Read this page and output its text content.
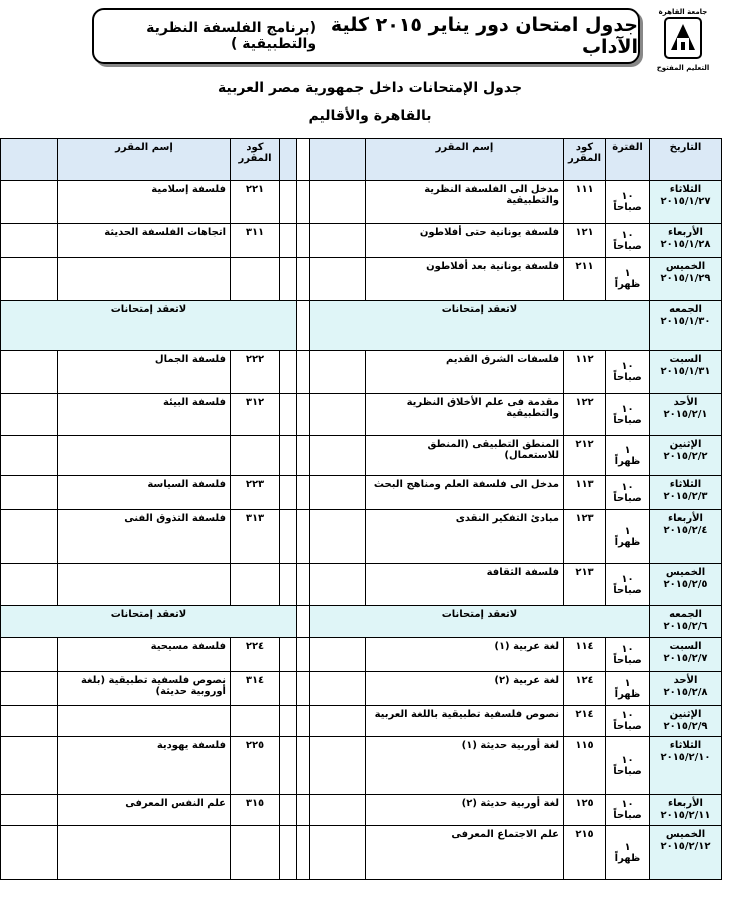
جامعة القاهرة
التعليم المفتوح
جدول امتحان دور يناير ٢٠١٥ كلية الآداب
(برنامج الفلسفة النظرية والتطبيقية )
جدول الإمتحانات داخل جمهورية مصر العربية
بالقاهرة والأقاليم
التاريخ	الفترة	كود المقرر	إسم المقرر				كود المقرر	إسم المقرر	

الثلاثاء
٢٠١٥/١/٢٧	١٠ صباحاً	١١١	مدخل الى الفلسفة النظرية والتطبيقية				٢٢١	فلسفة إسلامية	

الأربعاء
٢٠١٥/١/٢٨	١٠ صباحاً	١٢١	فلسفة يونانية حتى أفلاطون				٣١١	اتجاهات الفلسفة الحديثة	

الخميس
٢٠١٥/١/٢٩	١ ظهراً	٢١١	فلسفة يونانية بعد أفلاطون						

الجمعه
٢٠١٥/١/٣٠	لاتعقد إمتحانات					لاتعقد إمتحانات			

السبت
٢٠١٥/١/٣١	١٠ صباحاً	١١٢	فلسفات الشرق القديم				٢٢٢	فلسفة الجمال	

الأحد
٢٠١٥/٢/١	١٠ صباحاً	١٢٢	مقدمة فى علم الأخلاق النظرية والتطبيقية				٣١٢	فلسفة البيئة	

الإثنين
٢٠١٥/٢/٢	١ ظهراً	٢١٢	المنطق التطبيقى (المنطق للاستعمال)						

الثلاثاء
٢٠١٥/٢/٣	١٠ صباحاً	١١٣	مدخل الى فلسفة العلم ومناهج البحث				٢٢٣	فلسفة السياسة	

الأربعاء
٢٠١٥/٢/٤	١ ظهراً	١٢٣	مبادئ التفكير النقدى				٣١٣	فلسفة التذوق الفنى	

الخميس
٢٠١٥/٢/٥	١٠ صباحاً	٢١٣	فلسفة الثقافة						

الجمعه
٢٠١٥/٢/٦	لاتعقد إمتحانات					لاتعقد إمتحانات			

السبت
٢٠١٥/٢/٧	١٠ صباحاً	١١٤	لغة عربية (١)				٢٢٤	فلسفة مسيحية	

الأحد
٢٠١٥/٢/٨	١ ظهراً	١٢٤	لغة عربية (٢)				٣١٤	نصوص فلسفية تطبيقية (بلغة أوروبية حديثة)	

الإثنين
٢٠١٥/٢/٩	١٠ صباحاً	٢١٤	نصوص فلسفية تطبيقية باللغة العربية						

الثلاثاء
٢٠١٥/٢/١٠	١٠ صباحاً	١١٥	لغة أوربية حديثة (١)				٢٢٥	فلسفة يهودية	

الأربعاء
٢٠١٥/٢/١١	١٠ صباحاً	١٢٥	لغة أوربية حديثة (٢)				٣١٥	علم النفس المعرفى	

الخميس
٢٠١٥/٢/١٢	١ ظهراً	٢١٥	علم الاجتماع المعرفى						
